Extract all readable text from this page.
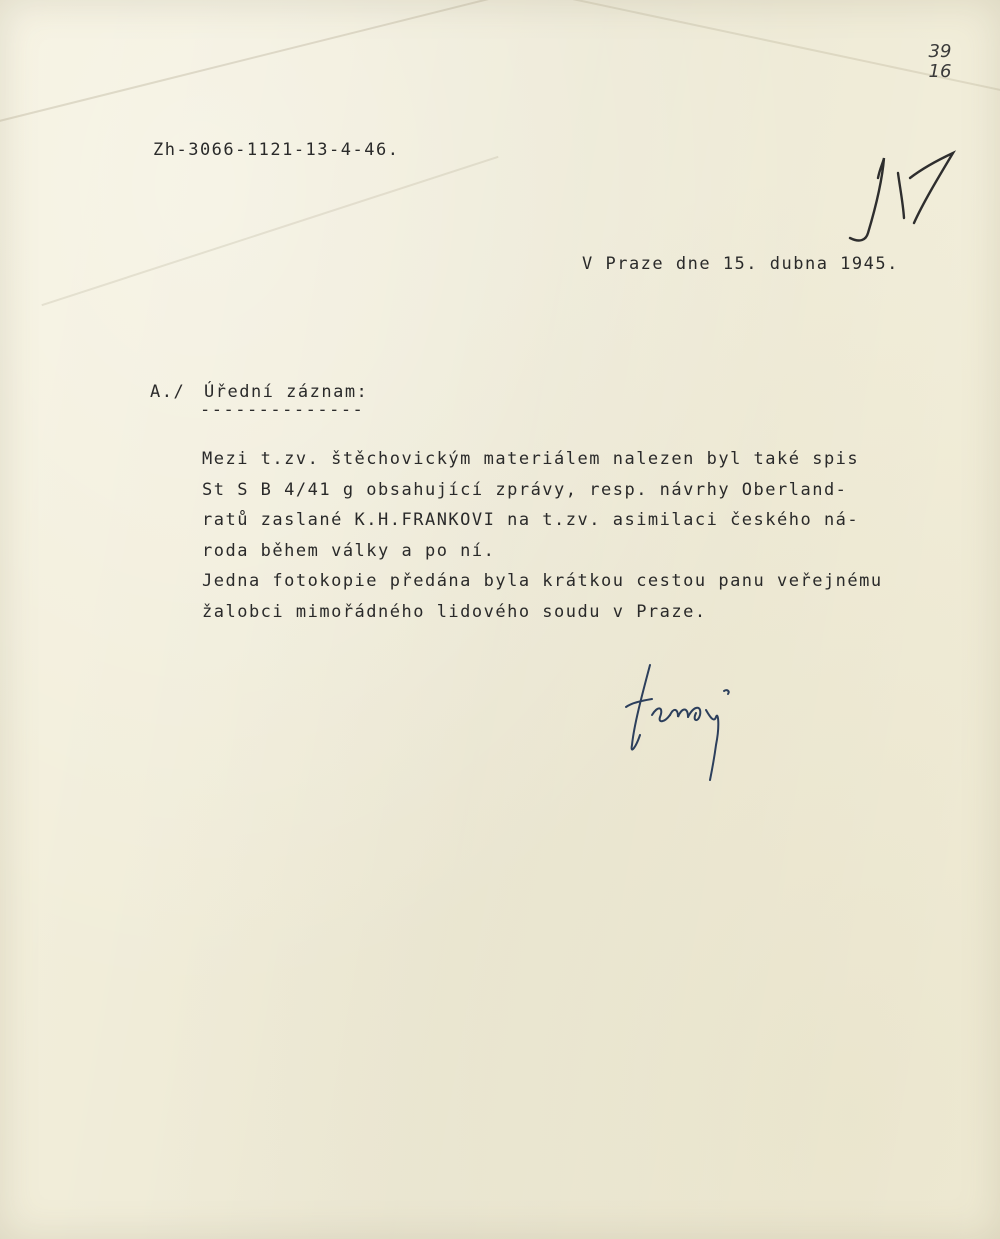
39
16

Zh-3066-1121-13-4-46.

V Praze dne 15. dubna 1945.

A./ Úřední záznam:

--------------

Mezi t.zv. štěchovickým materiálem nalezen byl také spis
St S B 4/41 g obsahující zprávy, resp. návrhy Oberland-
ratů zaslané K.H.FRANKOVI na t.zv. asimilaci českého ná-
roda během války a po ní.
Jedna fotokopie předána byla krátkou cestou panu veřejnému
žalobci mimořádného lidového soudu v Praze.
